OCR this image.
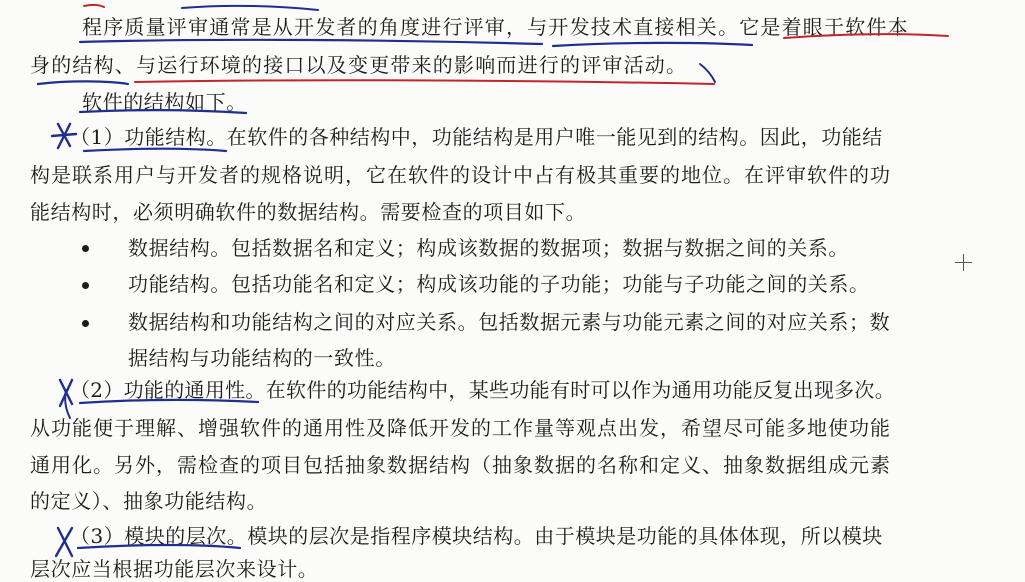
程序质量评审通常是从开发者的角度进行评审，与开发技术直接相关。它是着眼于软件本
身的结构、与运行环境的接口以及变更带来的影响而进行的评审活动。
软件的结构如下。
（1）功能结构。在软件的各种结构中，功能结构是用户唯一能见到的结构。因此，功能结
构是联系用户与开发者的规格说明，它在软件的设计中占有极其重要的地位。在评审软件的功
能结构时，必须明确软件的数据结构。需要检查的项目如下。
数据结构。包括数据名和定义；构成该数据的数据项；数据与数据之间的关系。
功能结构。包括功能名和定义；构成该功能的子功能；功能与子功能之间的关系。
数据结构和功能结构之间的对应关系。包括数据元素与功能元素之间的对应关系；数
据结构与功能结构的一致性。
（2）功能的通用性。在软件的功能结构中，某些功能有时可以作为通用功能反复出现多次。
从功能便于理解、增强软件的通用性及降低开发的工作量等观点出发，希望尽可能多地使功能
通用化。另外，需检查的项目包括抽象数据结构（抽象数据的名称和定义、抽象数据组成元素
的定义）、抽象功能结构。
（3）模块的层次。模块的层次是指程序模块结构。由于模块是功能的具体体现，所以模块
层次应当根据功能层次来设计。
